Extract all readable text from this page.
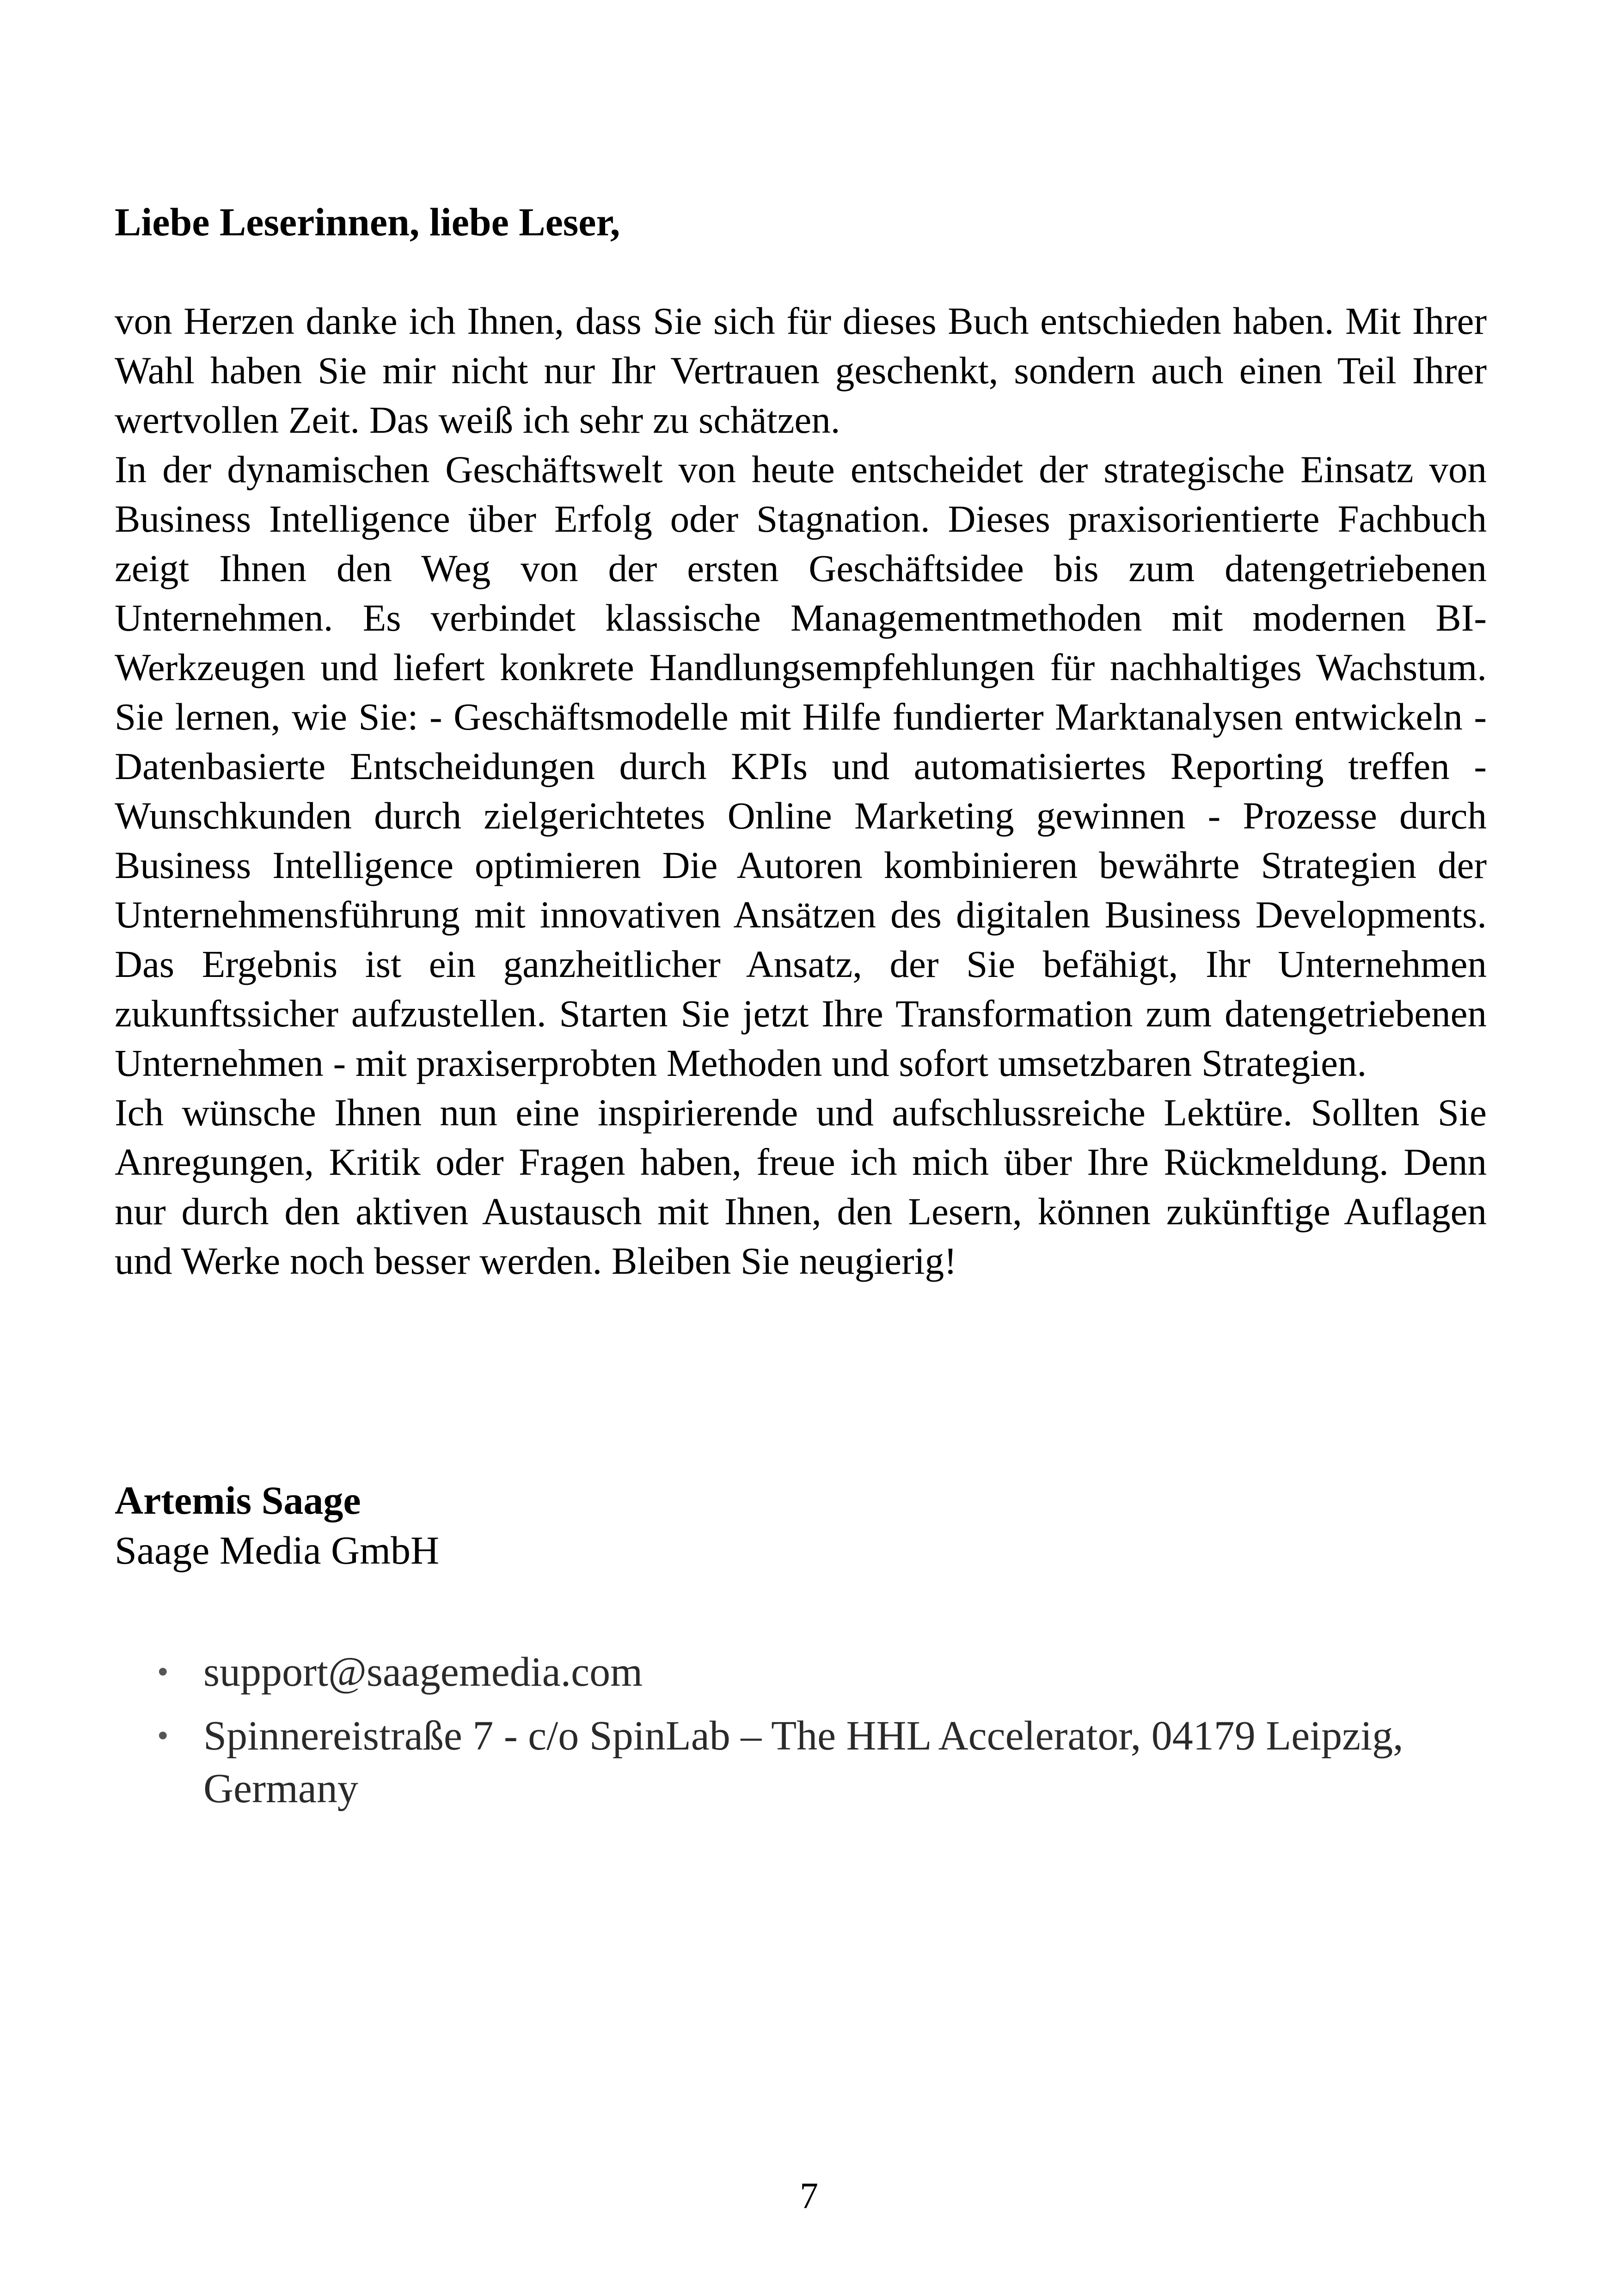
Liebe Leserinnen, liebe Leser,

von Herzen danke ich Ihnen, dass Sie sich für dieses Buch entschieden haben. Mit Ihrer Wahl haben Sie mir nicht nur Ihr Vertrauen geschenkt, sondern auch einen Teil Ihrer wertvollen Zeit. Das weiß ich sehr zu schätzen.

In der dynamischen Geschäftswelt von heute entscheidet der strategische Einsatz von Business Intelligence über Erfolg oder Stagnation. Dieses praxisorientierte Fachbuch zeigt Ihnen den Weg von der ersten Geschäftsidee bis zum datengetriebenen Unternehmen. Es verbindet klassische Managementmethoden mit modernen BI-Werkzeugen und liefert konkrete Handlungsempfehlungen für nachhaltiges Wachstum. Sie lernen, wie Sie: - Geschäftsmodelle mit Hilfe fundierter Marktanalysen entwickeln - Datenbasierte Entscheidungen durch KPIs und automatisiertes Reporting treffen - Wunschkunden durch zielgerichtetes Online Marketing gewinnen - Prozesse durch Business Intelligence optimieren Die Autoren kombinieren bewährte Strategien der Unternehmensführung mit innovativen Ansätzen des digitalen Business Developments. Das Ergebnis ist ein ganzheitlicher Ansatz, der Sie befähigt, Ihr Unternehmen zukunftssicher aufzustellen. Starten Sie jetzt Ihre Transformation zum datengetriebenen Unternehmen - mit praxiserprobten Methoden und sofort umsetzbaren Strategien.

Ich wünsche Ihnen nun eine inspirierende und aufschlussreiche Lektüre. Sollten Sie Anregungen, Kritik oder Fragen haben, freue ich mich über Ihre Rückmeldung. Denn nur durch den aktiven Austausch mit Ihnen, den Lesern, können zukünftige Auflagen und Werke noch besser werden. Bleiben Sie neugierig!

Artemis Saage

Saage Media GmbH

• support@saagemedia.com
• Spinnereistraße 7 - c/o SpinLab – The HHL Accelerator, 04179 Leipzig, Germany

7
